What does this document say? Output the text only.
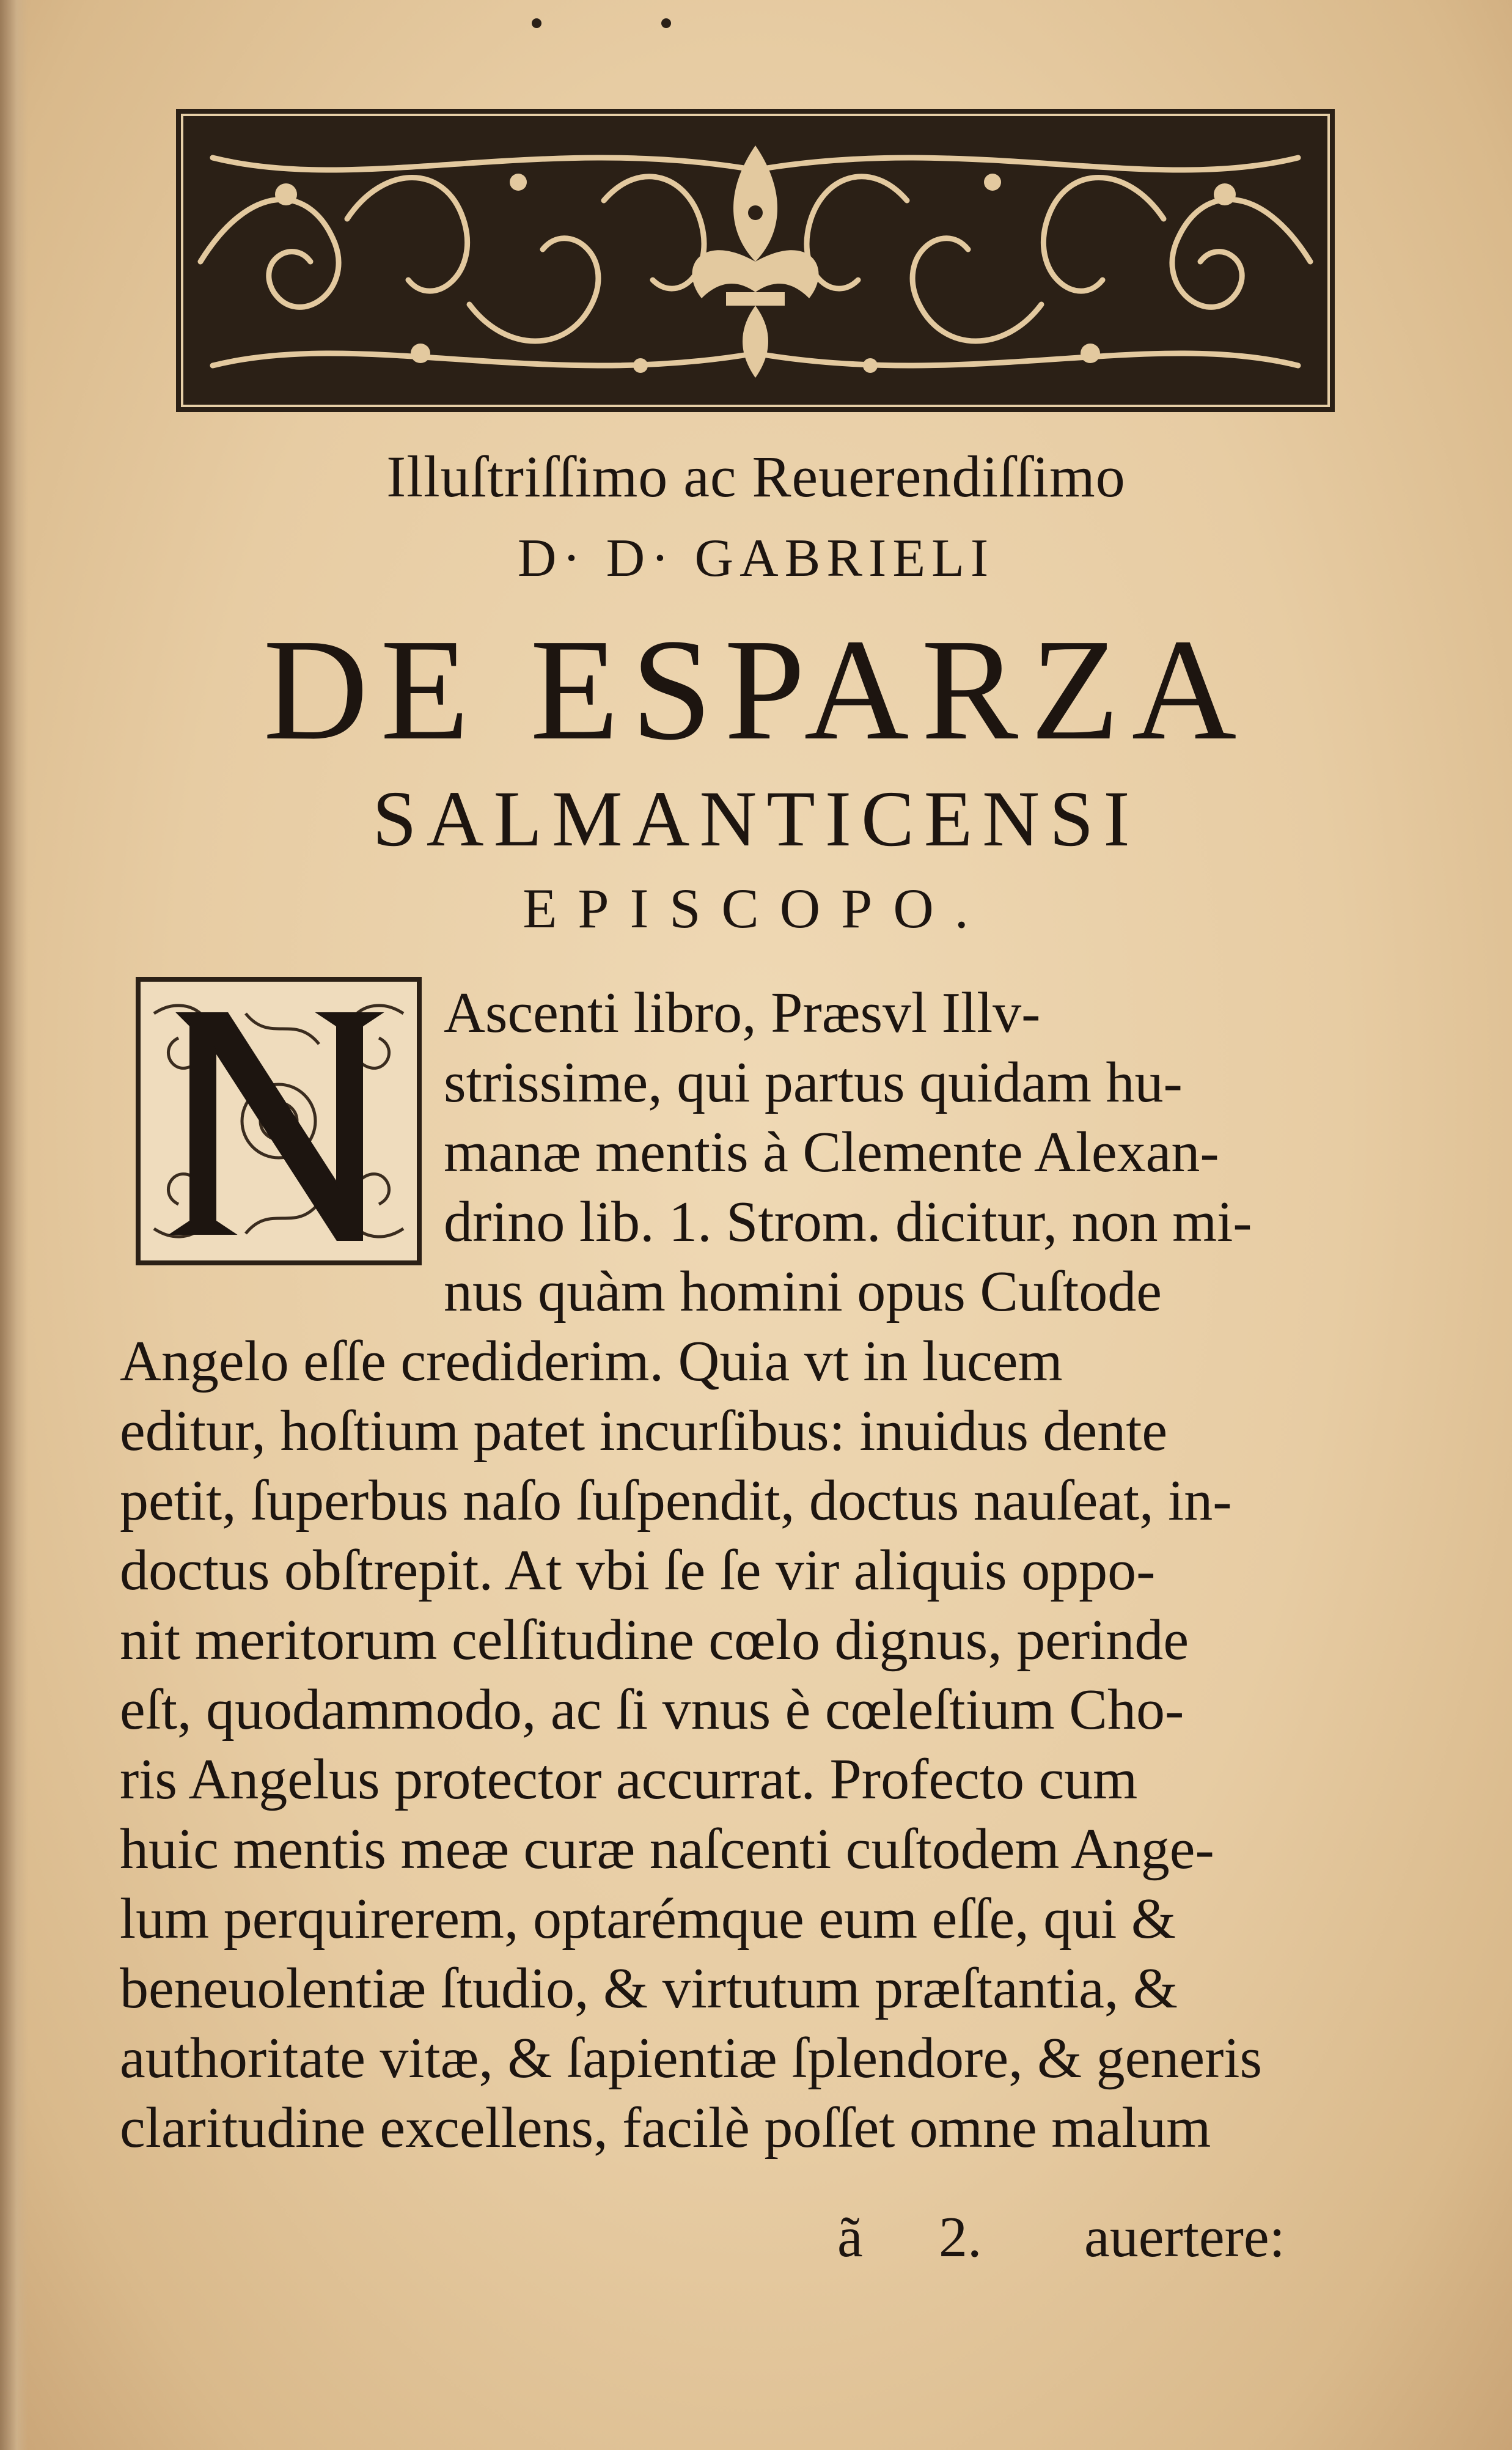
Illuſtriſſimo ac Reuerendiſſimo
D· D· GABRIELI
DE ESPARZA
SALMANTICENSI
EPISCOPO.
Ascenti libro, Præsvl Illv-
strissime, qui partus quidam hu-
manæ mentis à Clemente Alexan-
drino lib. 1. Strom. dicitur, non mi-
nus quàm homini opus Cuſtode
Angelo eſſe crediderim. Quia vt in lucem
editur, hoſtium patet incurſibus: inuidus dente
petit, ſuperbus naſo ſuſpendit, doctus nauſeat, in-
doctus obſtrepit. At vbi ſe ſe vir aliquis oppo-
nit meritorum celſitudine cœlo dignus, perinde
eſt, quodammodo, ac ſi vnus è cœleſtium Cho-
ris Angelus protector accurrat. Profecto cum
huic mentis meæ curæ naſcenti cuſtodem Ange-
lum perquirerem, optarémque eum eſſe, qui &
beneuolentiæ ſtudio, & virtutum præſtantia, &
authoritate vitæ, & ſapientiæ ſplendore, & generis
claritudine excellens, facilè poſſet omne malum
ã 2. auertere:
